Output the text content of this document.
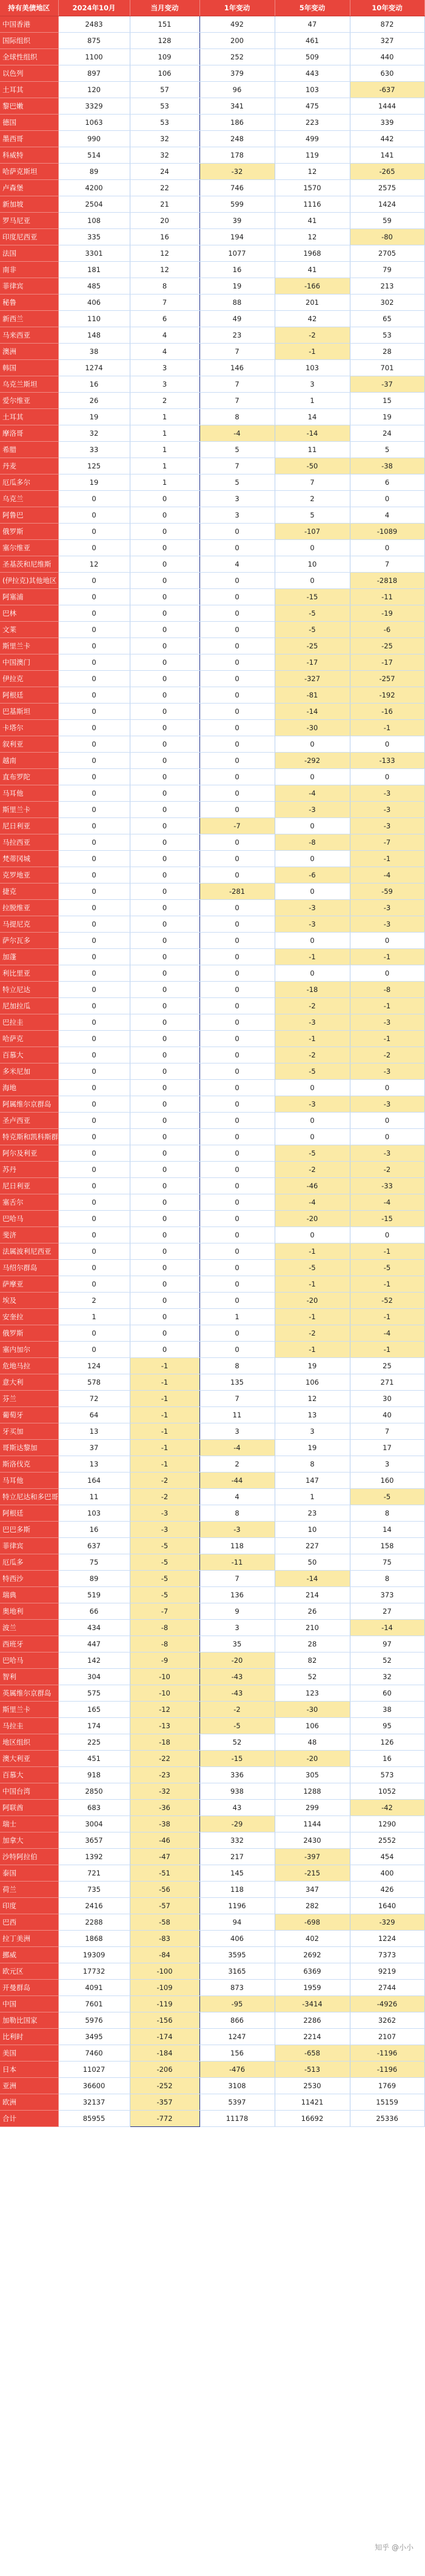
持有美债地区	2024年10月	当月变动	1年变动	5年变动	10年变动
中国香港	2483	151	492	47	872
国际组织	875	128	200	461	327
全球性组织	1100	109	252	509	440
以色列	897	106	379	443	630
土耳其	120	57	96	103	-637
黎巴嫩	3329	53	341	475	1444
德国	1063	53	186	223	339
墨西哥	990	32	248	499	442
科威特	514	32	178	119	141
哈萨克斯坦	89	24	-32	12	-265
卢森堡	4200	22	746	1570	2575
新加坡	2504	21	599	1116	1424
罗马尼亚	108	20	39	41	59
印度尼西亚	335	16	194	12	-80
法国	3301	12	1077	1968	2705
南非	181	12	16	41	79
菲律宾	485	8	19	-166	213
秘鲁	406	7	88	201	302
新西兰	110	6	49	42	65
马来西亚	148	4	23	-2	53
澳洲	38	4	7	-1	28
韩国	1274	3	146	103	701
乌克兰斯坦	16	3	7	3	-37
爱尔维亚	26	2	7	1	15
土耳其	19	1	8	14	19
摩洛哥	32	1	-4	-14	24
希腊	33	1	5	11	5
丹麦	125	1	7	-50	-38
厄瓜多尔	19	1	5	7	6
乌克兰	0	0	3	2	0
阿鲁巴	0	0	3	5	4
俄罗斯	0	0	0	-107	-1089
塞尔维亚	0	0	0	0	0
圣基茨和尼维斯	12	0	4	10	7
(伊拉克)其他地区	0	0	0	0	-2818
阿塞浦	0	0	0	-15	-11
巴林	0	0	0	-5	-19
文莱	0	0	0	-5	-6
斯里兰卡	0	0	0	-25	-25
中国澳门	0	0	0	-17	-17
伊拉克	0	0	0	-327	-257
阿根廷	0	0	0	-81	-192
巴基斯坦	0	0	0	-14	-16
卡塔尔	0	0	0	-30	-1
叙利亚	0	0	0	0	0
越南	0	0	0	-292	-133
直布罗陀	0	0	0	0	0
马耳他	0	0	0	-4	-3
斯里兰卡	0	0	0	-3	-3
尼日利亚	0	0	-7	0	-3
马拉西亚	0	0	0	-8	-7
梵蒂冈城	0	0	0	0	-1
克罗地亚	0	0	0	-6	-4
捷克	0	0	-281	0	-59
拉脱维亚	0	0	0	-3	-3
马提尼克	0	0	0	-3	-3
萨尔瓦多	0	0	0	0	0
加蓬	0	0	0	-1	-1
利比里亚	0	0	0	0	0
特立尼达	0	0	0	-18	-8
尼加拉瓜	0	0	0	-2	-1
巴拉圭	0	0	0	-3	-3
哈萨克	0	0	0	-1	-1
百慕大	0	0	0	-2	-2
多米尼加	0	0	0	-5	-3
海地	0	0	0	0	0
阿属维尔京群岛	0	0	0	-3	-3
圣卢西亚	0	0	0	0	0
特克斯和凯科斯群岛	0	0	0	0	0
阿尔及利亚	0	0	0	-5	-3
苏丹	0	0	0	-2	-2
尼日利亚	0	0	0	-46	-33
塞舌尔	0	0	0	-4	-4
巴哈马	0	0	0	-20	-15
斐济	0	0	0	0	0
法属波利尼西亚	0	0	0	-1	-1
马绍尔群岛	0	0	0	-5	-5
萨摩亚	0	0	0	-1	-1
埃及	2	0	0	-20	-52
安奎拉	1	0	1	-1	-1
俄罗斯	0	0	0	-2	-4
塞内加尔	0	0	0	-1	-1
危地马拉	124	-1	8	19	25
意大利	578	-1	135	106	271
芬兰	72	-1	7	12	30
葡萄牙	64	-1	11	13	40
牙买加	13	-1	3	3	7
哥斯达黎加	37	-1	-4	19	17
斯洛伐克	13	-1	2	8	3
马耳他	164	-2	-44	147	160
特立尼达和多巴哥	11	-2	4	1	-5
阿根廷	103	-3	8	23	8
巴巴多斯	16	-3	-3	10	14
菲律宾	637	-5	118	227	158
厄瓜多	75	-5	-11	50	75
特西沙	89	-5	7	-14	8
瑞典	519	-5	136	214	373
奥地利	66	-7	9	26	27
波兰	434	-8	3	210	-14
西班牙	447	-8	35	28	97
巴哈马	142	-9	-20	82	52
智利	304	-10	-43	52	32
英属维尔京群岛	575	-10	-43	123	60
斯里兰卡	165	-12	-2	-30	38
马拉圭	174	-13	-5	106	95
地区组织	225	-18	52	48	126
澳大利亚	451	-22	-15	-20	16
百慕大	918	-23	336	305	573
中国台湾	2850	-32	938	1288	1052
阿联酋	683	-36	43	299	-42
瑞士	3004	-38	-29	1144	1290
加拿大	3657	-46	332	2430	2552
沙特阿拉伯	1392	-47	217	-397	454
泰国	721	-51	145	-215	400
荷兰	735	-56	118	347	426
印度	2416	-57	1196	282	1640
巴西	2288	-58	94	-698	-329
拉丁美洲	1868	-83	406	402	1224
挪威	19309	-84	3595	2692	7373
欧元区	17732	-100	3165	6369	9219
开曼群岛	4091	-109	873	1959	2744
中国	7601	-119	-95	-3414	-4926
加勒比国家	5976	-156	866	2286	3262
比利时	3495	-174	1247	2214	2107
美国	7460	-184	156	-658	-1196
日本	11027	-206	-476	-513	-1196
亚洲	36600	-252	3108	2530	1769
欧洲	32137	-357	5397	11421	15159
合计	85955	-772	11178	16692	25336
知乎 @小小
